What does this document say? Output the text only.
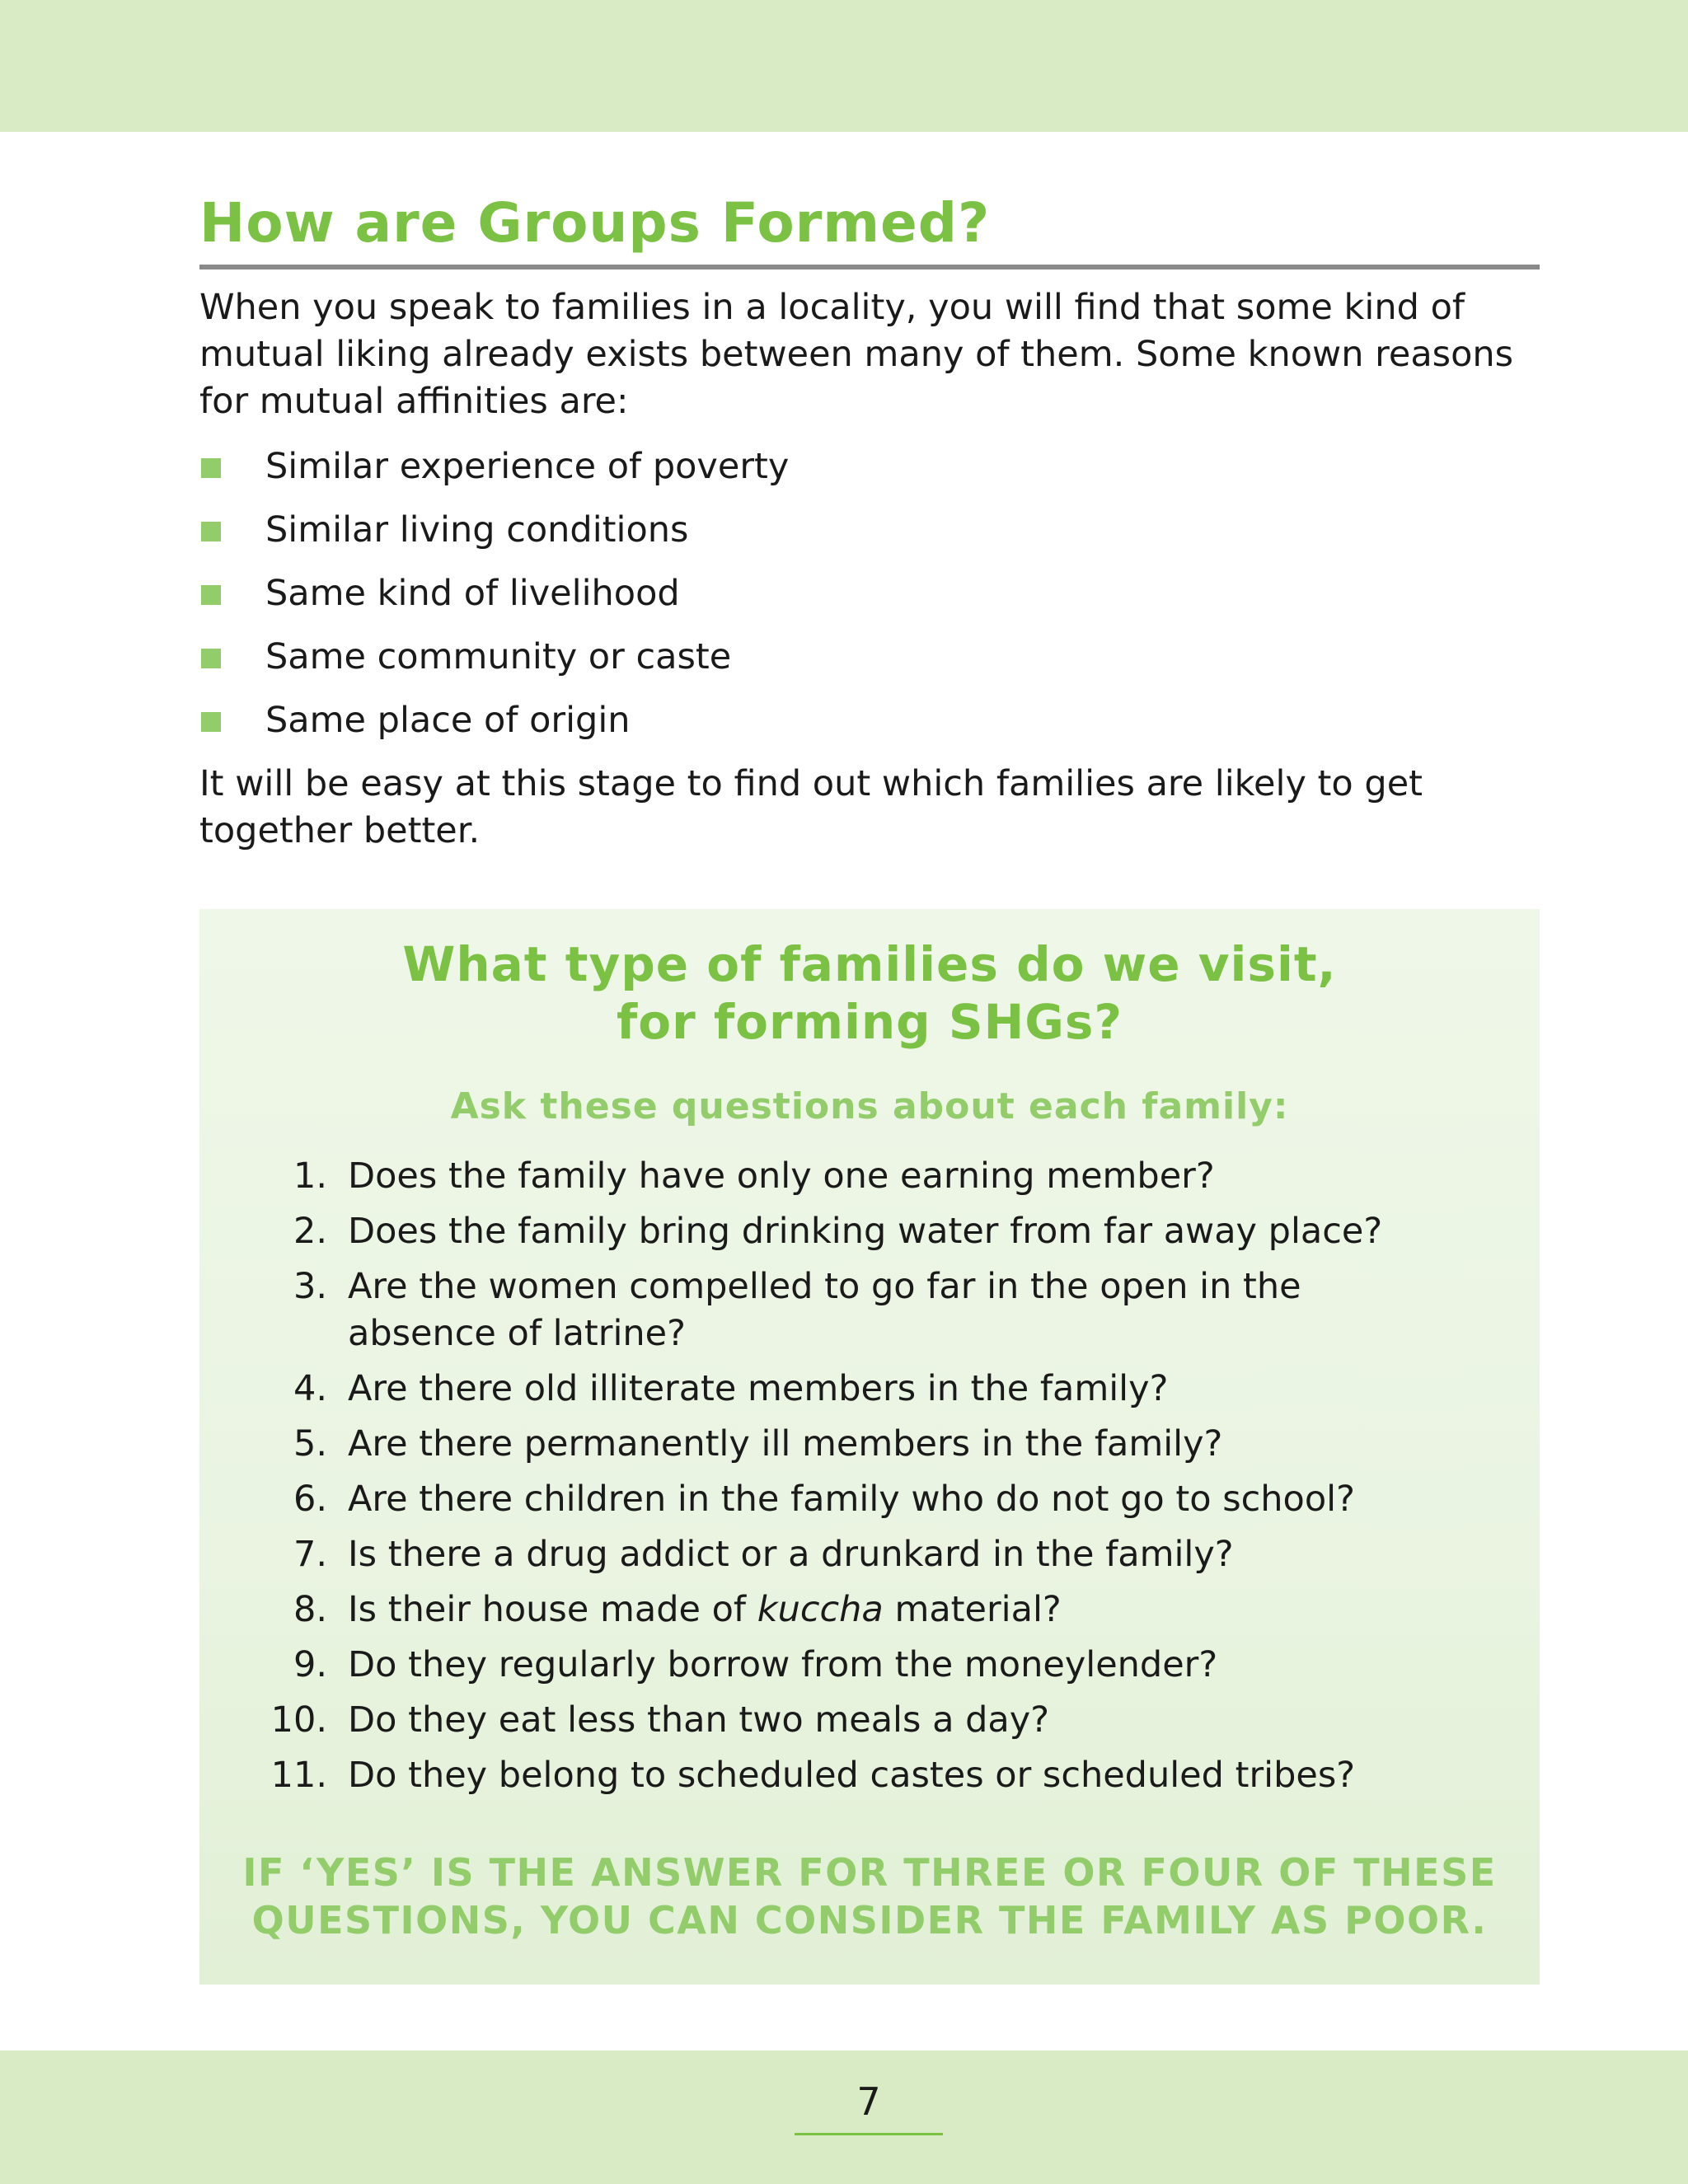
How are Groups Formed?

When you speak to families in a locality, you will find that some kind of mutual liking already exists between many of them. Some known reasons for mutual affinities are:

Similar experience of poverty
Similar living conditions
Same kind of livelihood
Same community or caste
Same place of origin

It will be easy at this stage to find out which families are likely to get together better.

What type of families do we visit,
for forming SHGs?

Ask these questions about each family:

1. Does the family have only one earning member?
2. Does the family bring drinking water from far away place?
3. Are the women compelled to go far in the open in the absence of latrine?
4. Are there old illiterate members in the family?
5. Are there permanently ill members in the family?
6. Are there children in the family who do not go to school?
7. Is there a drug addict or a drunkard in the family?
8. Is their house made of kuccha material?
9. Do they regularly borrow from the moneylender?
10. Do they eat less than two meals a day?
11. Do they belong to scheduled castes or scheduled tribes?

IF ‘YES’ IS THE ANSWER FOR THREE OR FOUR OF THESE
QUESTIONS, YOU CAN CONSIDER THE FAMILY AS POOR.

7
